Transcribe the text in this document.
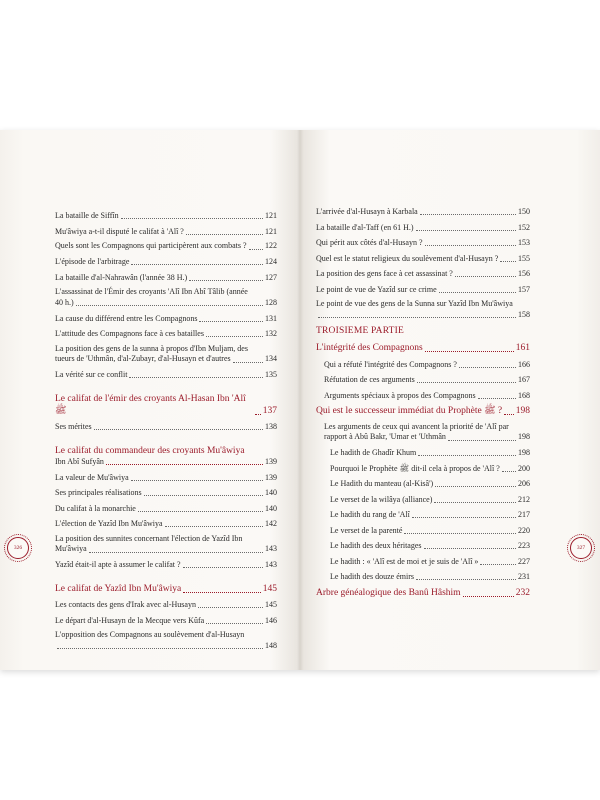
326	327
La bataille de Siffîn	121
Mu'âwiya a-t-il disputé le califat à 'Alî ?	121
Quels sont les Compagnons qui participèrent aux combats ? 122
L'épisode de l'arbitrage	124
La bataille d'al-Nahrawân (l'année 38 H.)	127
L'assassinat de l'Émir des croyants 'Alî Ibn Abî Tâlib (année
40 h.)	128
La cause du différend entre les Compagnons	131
L'attitude des Compagnons face à ces batailles	132
La position des gens de la sunna à propos d'Ibn Muljam, des
tueurs de 'Uthmân, d'al-Zubayr, d'al-Husayn et d'autres	134
La vérité sur ce conflit	135
Le califat de l'émir des croyants Al-Hasan Ibn 'Alî ﷺ	137
Ses mérites	138
Le califat du commandeur des croyants Mu'âwiya
Ibn Abî Sufyân	139
La valeur de Mu'âwiya	139
Ses principales réalisations	140
Du califat à la monarchie	140
L'élection de Yazîd Ibn Mu'âwiya	142
La position des sunnites concernant l'élection de Yazîd Ibn
Mu'âwiya	143
Yazîd était-il apte à assumer le califat ?	143
Le califat de Yazîd Ibn Mu'âwiya	145
Les contacts des gens d'Irak avec al-Husayn	145
Le départ d'al-Husayn de la Mecque vers Kûfa	146
L'opposition des Compagnons au soulèvement d'al-Husayn
148
L'arrivée d'al-Husayn à Karbala	150
La bataille d'al-Taff (en 61 H.)	152
Qui périt aux côtés d'al-Husayn ?	153
Quel est le statut religieux du soulèvement d'al-Husayn ? 155
La position des gens face à cet assassinat ?	156
Le point de vue de Yazîd sur ce crime	157
Le point de vue des gens de la Sunna sur Yazîd Ibn Mu'âwiya
158
TROISIEME PARTIE
L'intégrité des Compagnons	161
Qui a réfuté l'intégrité des Compagnons ?	166
Réfutation de ces arguments	167
Arguments spéciaux à propos des Compagnons	168
Qui est le successeur immédiat du Prophète ﷺ ? 198
Les arguments de ceux qui avancent la priorité de 'Alî par
rapport à Abû Bakr, 'Umar et 'Uthmân	198
Le hadith de Ghadîr Khum	198
Pourquoi le Prophète ﷺ dit-il cela à propos de 'Alî ? 200
Le Hadith du manteau (al-Kisâ')	206
Le verset de la wilâya (alliance)	212
Le hadith du rang de 'Alî	217
Le verset de la parenté	220
Le hadith des deux héritages	223
Le hadith : « 'Alî est de moi et je suis de 'Alî »	227
Le hadith des douze émirs	231
Arbre généalogique des Banû Hâshim	232
